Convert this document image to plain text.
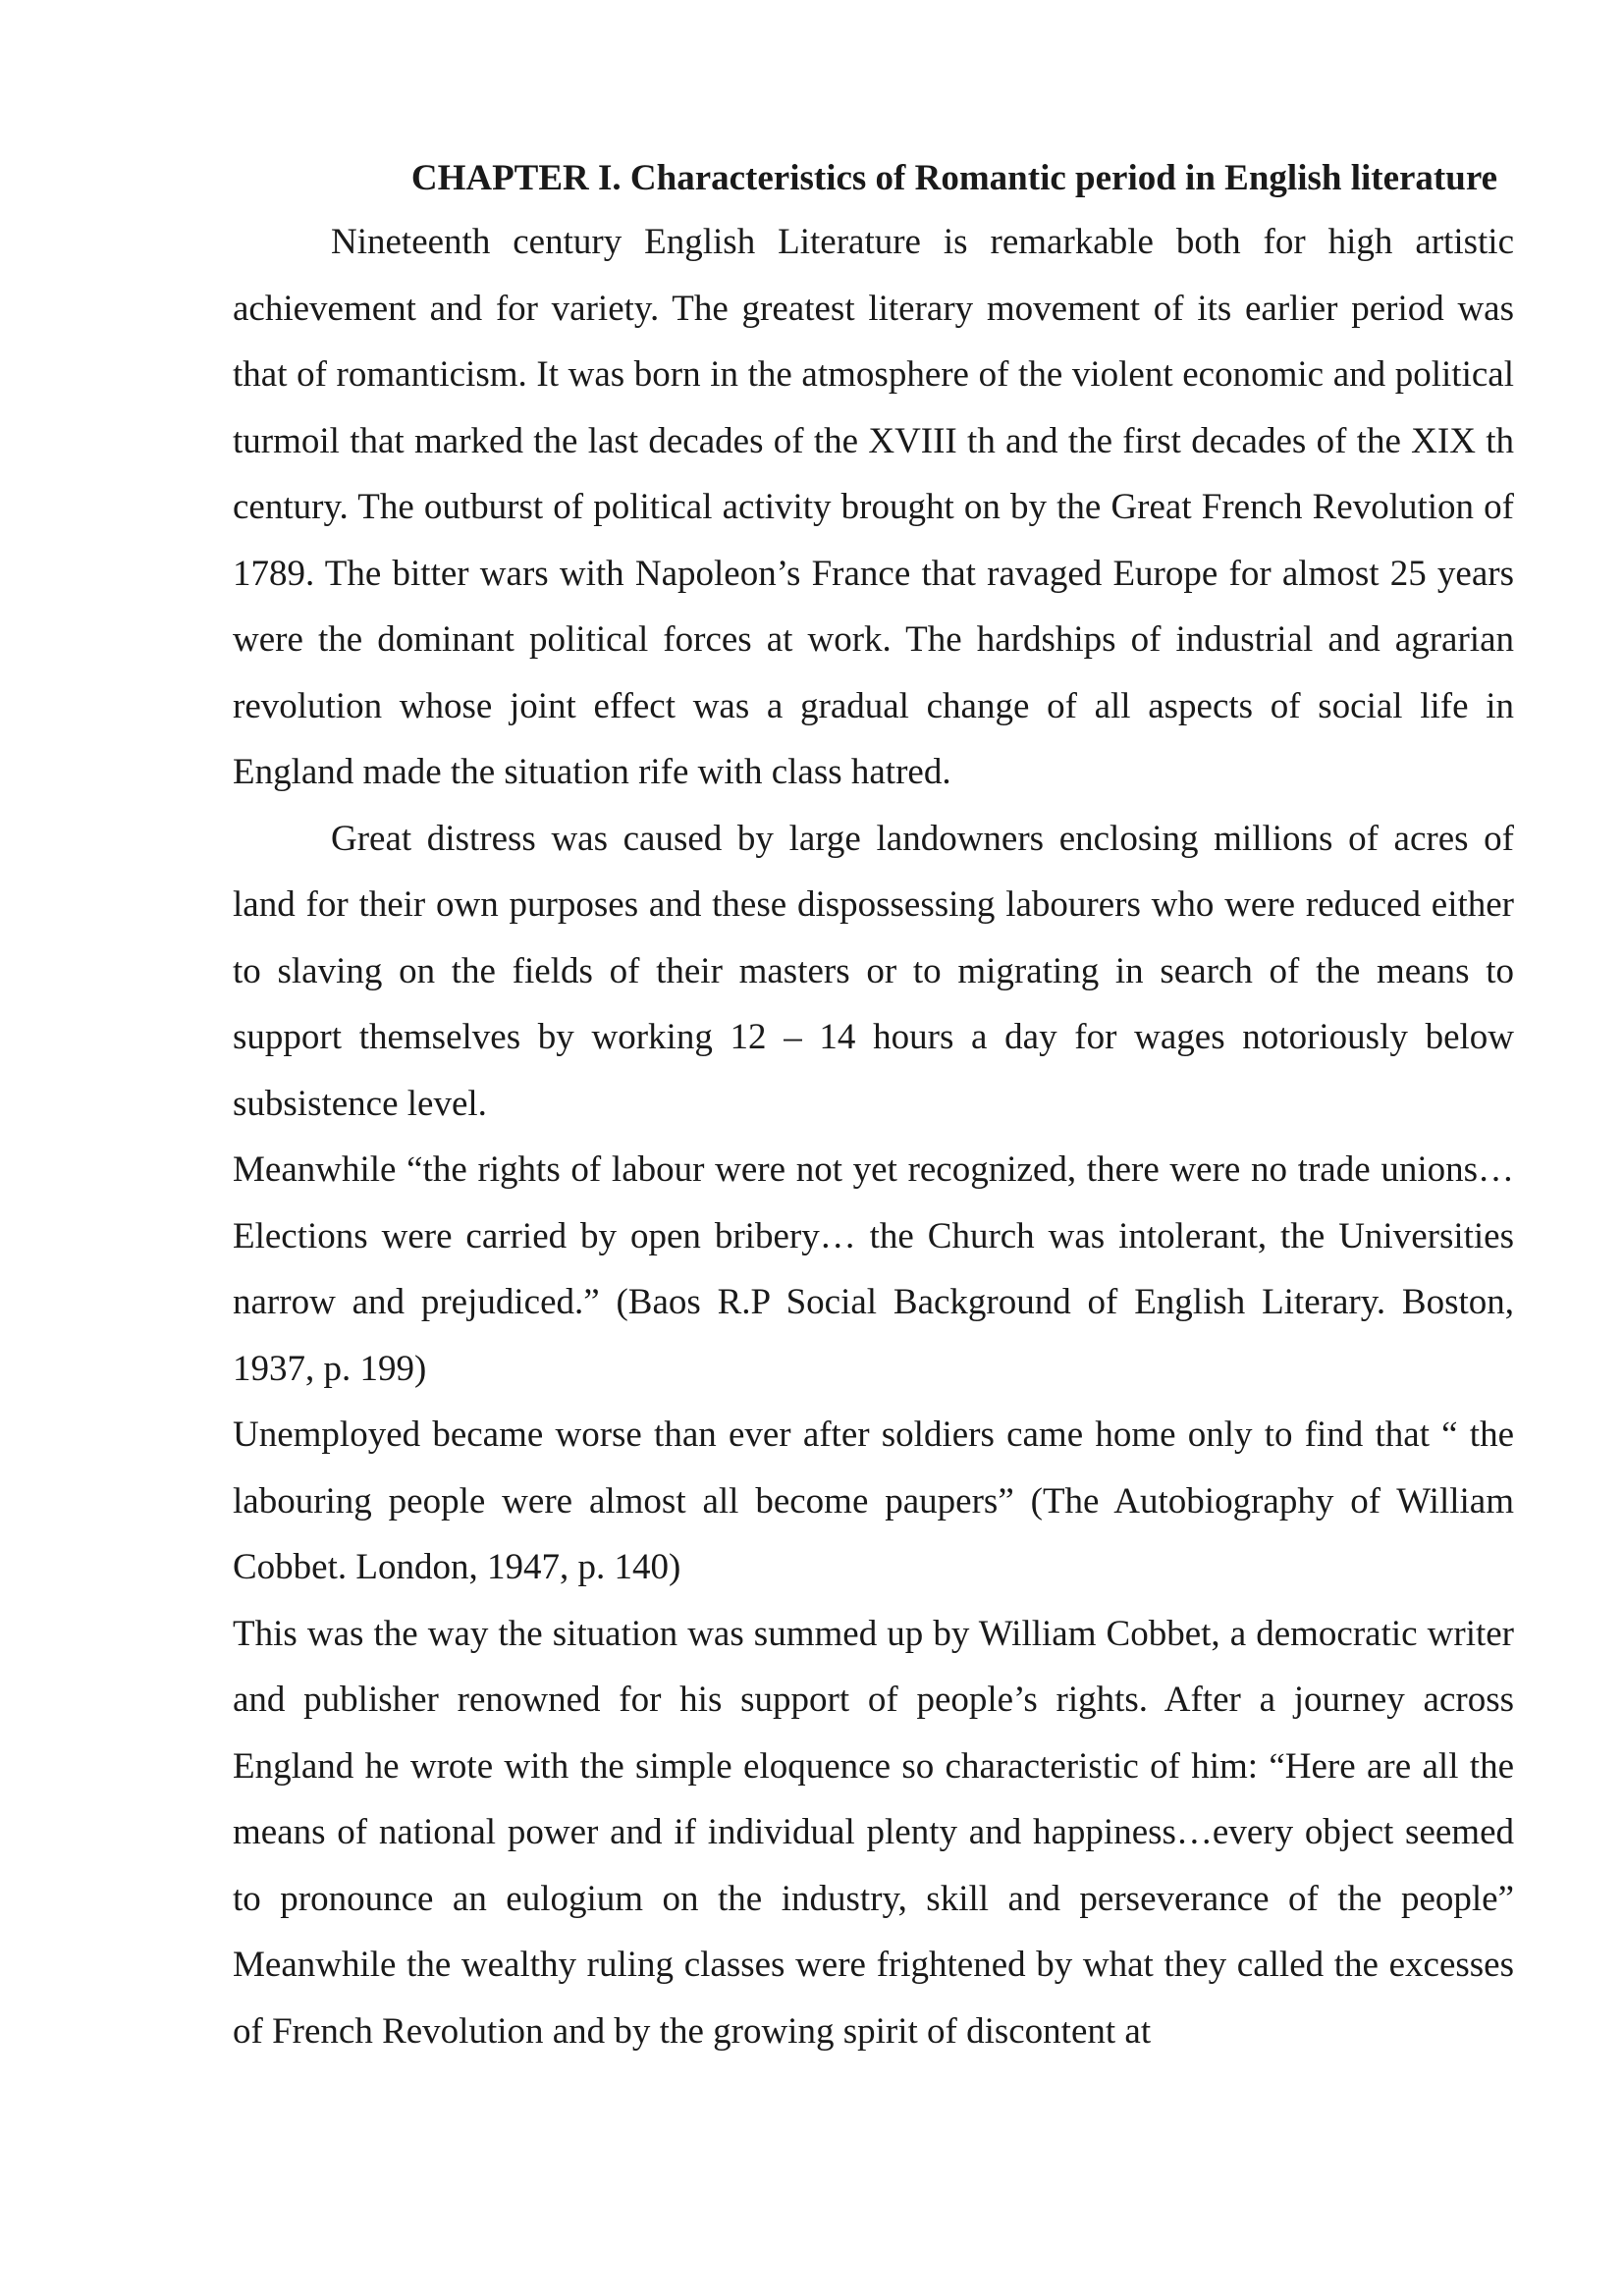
CHAPTER I. Characteristics of Romantic period in English literature

Nineteenth century English Literature is remarkable both for high artistic achievement and for variety. The greatest literary movement of its earlier period was that of romanticism. It was born in the atmosphere of the violent economic and political turmoil that marked the last decades of the XVIII th and the first decades of the XIX th century. The outburst of political activity brought on by the Great French Revolution of 1789. The bitter wars with Napoleon’s France that ravaged Europe for almost 25 years were the dominant political forces at work. The hardships of industrial and agrarian revolution whose joint effect was a gradual change of all aspects of social life in England made the situation rife with class hatred.

Great distress was caused by large landowners enclosing millions of acres of land for their own purposes and these dispossessing labourers who were reduced either to slaving on the fields of their masters or to migrating in search of the means to support themselves by working 12 – 14 hours a day for wages notoriously below subsistence level.

Meanwhile “the rights of labour were not yet recognized, there were no trade unions… Elections were carried by open bribery… the Church was intolerant, the Universities narrow and prejudiced.” (Baos R.P Social Background of English Literary. Boston, 1937, p. 199)

Unemployed became worse than ever after soldiers came home only to find that “ the labouring people were almost all become paupers” (The Autobiography of William Cobbet. London, 1947, p. 140)

This was the way the situation was summed up by William Cobbet, a democratic writer and publisher renowned for his support of people’s rights. After a journey across England he wrote with the simple eloquence so characteristic of him: “Here are all the means of national power and if individual plenty and happiness…every object seemed to pronounce an eulogium on the industry, skill and perseverance of the people” Meanwhile the wealthy ruling classes were frightened by what they called the excesses of French Revolution and by the growing spirit of discontent at
